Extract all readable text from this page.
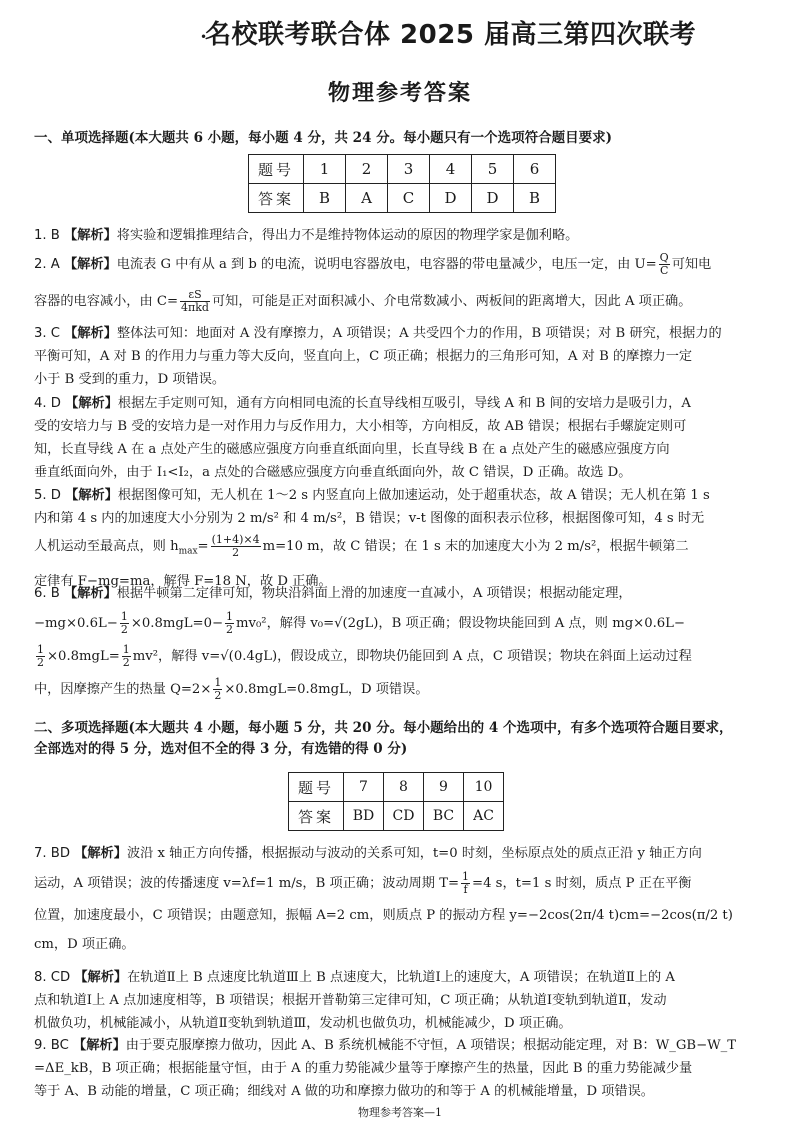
•
名校联考联合体 2025 届高三第四次联考
物理参考答案
一、单项选择题(本大题共 6 小题，每小题 4 分，共 24 分。每小题只有一个选项符合题目要求)
题号	1	2	3	4	5	6
答案	B	A	C	D	D	B
1. B 【解析】将实验和逻辑推理结合，得出力不是维持物体运动的原因的物理学家是伽利略。
2. A 【解析】电流表 G 中有从 a 到 b 的电流，说明电容器放电，电容器的带电量减少，电压一定，由 $U= \frac{Q}{C}$ 可知电
容器的电容减小，由 $C= \frac{\varepsilon S}{\text{4πkd}}$ 可知，可能是正对面积减小、介电常数减小、两板间的距离增大，因此 A 项正确。
3. C 【解析】整体法可知：地面对 A 没有摩擦力，A 项错误；A 共受四个力的作用，B 项错误；对 B 研究，根据力的
平衡可知，A 对 B 的作用力与重力等大反向，竖直向上，C 项正确；根据力的三角形可知，A 对 B 的摩擦力一定
小于 B 受到的重力，D 项错误。
4. D 【解析】根据左手定则可知，通有方向相同电流的长直导线相互吸引，导线 A 和 B 间的安培力是吸引力，A
受的安培力与 B 受的安培力是一对作用力与反作用力，大小相等，方向相反，故 AB 错误；根据右手螺旋定则可
知，长直导线 A 在 a 点处产生的磁感应强度方向垂直纸面向里，长直导线 B 在 a 点处产生的磁感应强度方向
垂直纸面向外，由于 I₁<I₂，a 点处的合磁感应强度方向垂直纸面向外，故 C 错误，D 正确。故选 D。
5. D 【解析】根据图像可知，无人机在 1～2 s 内竖直向上做加速运动，处于超重状态，故 A 错误；无人机在第 1 s
内和第 4 s 内的加速度大小分别为 2 m/s² 和 4 m/s²，B 错误；v-t 图像的面积表示位移，根据图像可知，4 s 时无
人机运动至最高点，则 $h_{max}= \frac{(1+4)\times 4}{2} m=10$ m，故 C 错误；在 1 s 末的加速度大小为 2 m/s²，根据牛顿第二
定律有 F−mg=ma，解得 F=18 N，故 D 正确。
6. B 【解析】根据牛顿第二定律可知，物块沿斜面上滑的加速度一直减小，A 项错误；根据动能定理，
$-mg\times 0.6L- \frac{1}{2} \times 0.8mgL=0- \frac{1}{2} mv_0^2$，解得 v₀=√(2gL)，B 项正确；假设物块能回到 A 点，则 mg×0.6L−
$\frac{1}{2} \times 0.8mgL= \frac{1}{2} mv^2$，解得 v=√(0.4gL)，假设成立，即物块仍能回到 A 点，C 项错误；物块在斜面上运动过程
中，因摩擦产生的热量 $Q=2\times \frac{1}{2} \times 0.8mgL=0.8mgL$，D 项错误。
二、多项选择题(本大题共 4 小题，每小题 5 分，共 20 分。每小题给出的 4 个选项中，有多个选项符合题目要求，
全部选对的得 5 分，选对但不全的得 3 分，有选错的得 0 分)
题号	7	8	9	10
答案	BD	CD	BC	AC
7. BD 【解析】波沿 x 轴正方向传播，根据振动与波动的关系可知，t=0 时刻，坐标原点处的质点正沿 y 轴正方向
运动，A 项错误；波的传播速度 v=λf=1 m/s，B 项正确；波动周期 $T= \frac{1}{f} =4$ s，t=1 s 时刻，质点 P 正在平衡
位置，加速度最小，C 项错误；由题意知，振幅 A=2 cm，则质点 P 的振动方程 y=−2cos(2π/4 t)cm=−2cos(π/2 t)
cm，D 项正确。
8. CD 【解析】在轨道Ⅱ上 B 点速度比轨道Ⅲ上 B 点速度大，比轨道Ⅰ上的速度大，A 项错误；在轨道Ⅱ上的 A
点和轨道Ⅰ上 A 点加速度相等，B 项错误；根据开普勒第三定律可知，C 项正确；从轨道Ⅰ变轨到轨道Ⅱ，发动
机做负功，机械能减小，从轨道Ⅱ变轨到轨道Ⅲ，发动机也做负功，机械能减少，D 项正确。
9. BC 【解析】由于要克服摩擦力做功，因此 A、B 系统机械能不守恒，A 项错误；根据动能定理，对 B：W_GB−W_T
=ΔE_kB，B 项正确；根据能量守恒，由于 A 的重力势能减少量等于摩擦产生的热量，因此 B 的重力势能减少量
等于 A、B 动能的增量，C 项正确；细线对 A 做的功和摩擦力做功的和等于 A 的机械能增量，D 项错误。
物理参考答案—1
